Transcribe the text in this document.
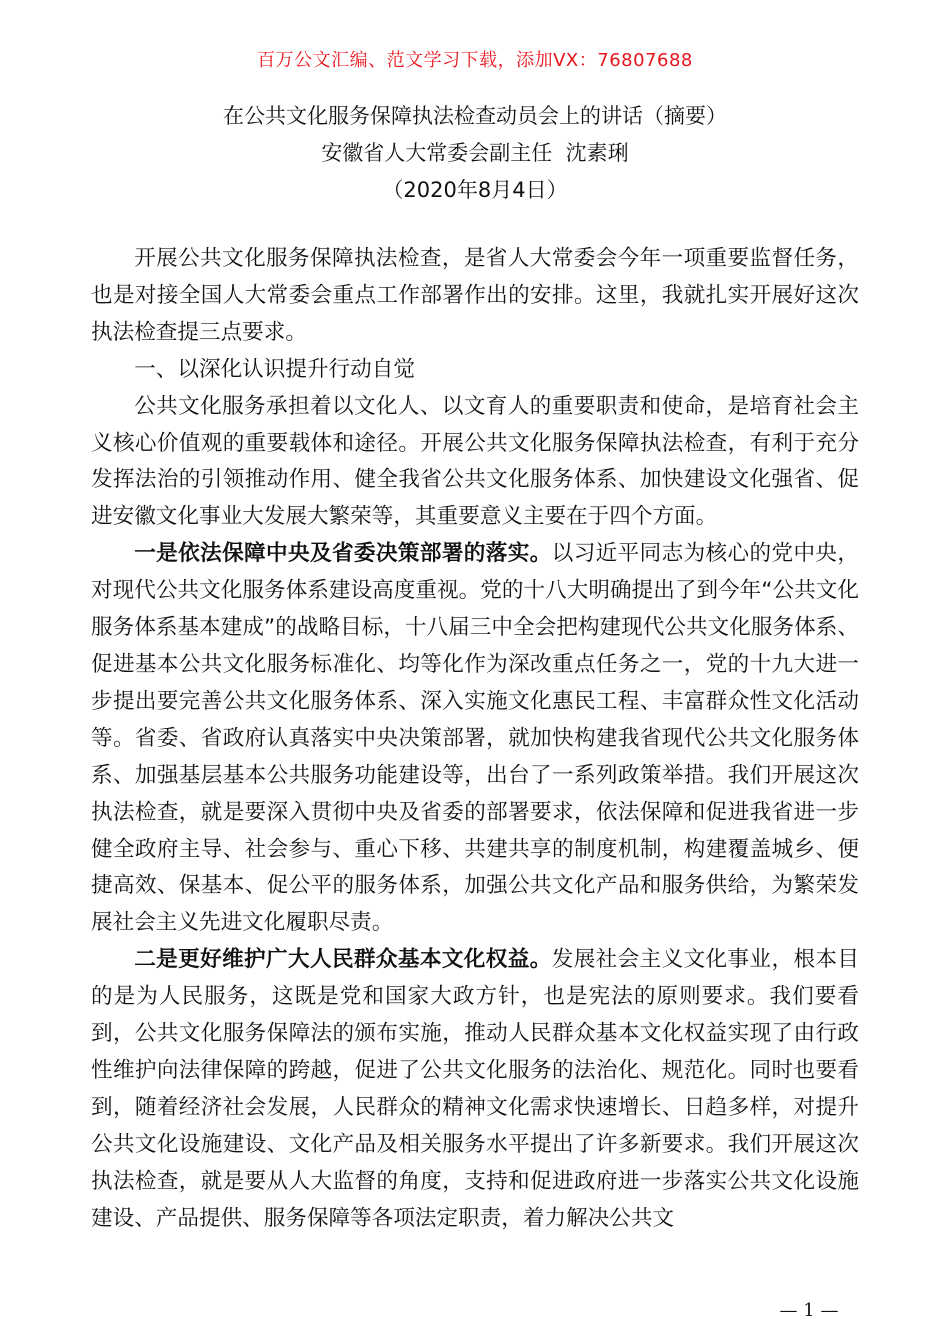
百万公文汇编、范文学习下载，添加VX：76807688
在公共文化服务保障执法检查动员会上的讲话（摘要）
安徽省人大常委会副主任  沈素琍
（2020年8月4日）

开展公共文化服务保障执法检查，是省人大常委会今年一项重要监督任务，也是对接全国人大常委会重点工作部署作出的安排。这里，我就扎实开展好这次执法检查提三点要求。

一、以深化认识提升行动自觉

公共文化服务承担着以文化人、以文育人的重要职责和使命，是培育社会主义核心价值观的重要载体和途径。开展公共文化服务保障执法检查，有利于充分发挥法治的引领推动作用、健全我省公共文化服务体系、加快建设文化强省、促进安徽文化事业大发展大繁荣等，其重要意义主要在于四个方面。

一是依法保障中央及省委决策部署的落实。以习近平同志为核心的党中央，对现代公共文化服务体系建设高度重视。党的十八大明确提出了到今年“公共文化服务体系基本建成”的战略目标，十八届三中全会把构建现代公共文化服务体系、促进基本公共文化服务标准化、均等化作为深改重点任务之一，党的十九大进一步提出要完善公共文化服务体系、深入实施文化惠民工程、丰富群众性文化活动等。省委、省政府认真落实中央决策部署，就加快构建我省现代公共文化服务体系、加强基层基本公共服务功能建设等，出台了一系列政策举措。我们开展这次执法检查，就是要深入贯彻中央及省委的部署要求，依法保障和促进我省进一步健全政府主导、社会参与、重心下移、共建共享的制度机制，构建覆盖城乡、便捷高效、保基本、促公平的服务体系，加强公共文化产品和服务供给，为繁荣发展社会主义先进文化履职尽责。

二是更好维护广大人民群众基本文化权益。发展社会主义文化事业，根本目的是为人民服务，这既是党和国家大政方针，也是宪法的原则要求。我们要看到，公共文化服务保障法的颁布实施，推动人民群众基本文化权益实现了由行政性维护向法律保障的跨越，促进了公共文化服务的法治化、规范化。同时也要看到，随着经济社会发展，人民群众的精神文化需求快速增长、日趋多样，对提升公共文化设施建设、文化产品及相关服务水平提出了许多新要求。我们开展这次执法检查，就是要从人大监督的角度，支持和促进政府进一步落实公共文化设施建设、产品提供、服务保障等各项法定职责，着力解决公共文

— 1 —
